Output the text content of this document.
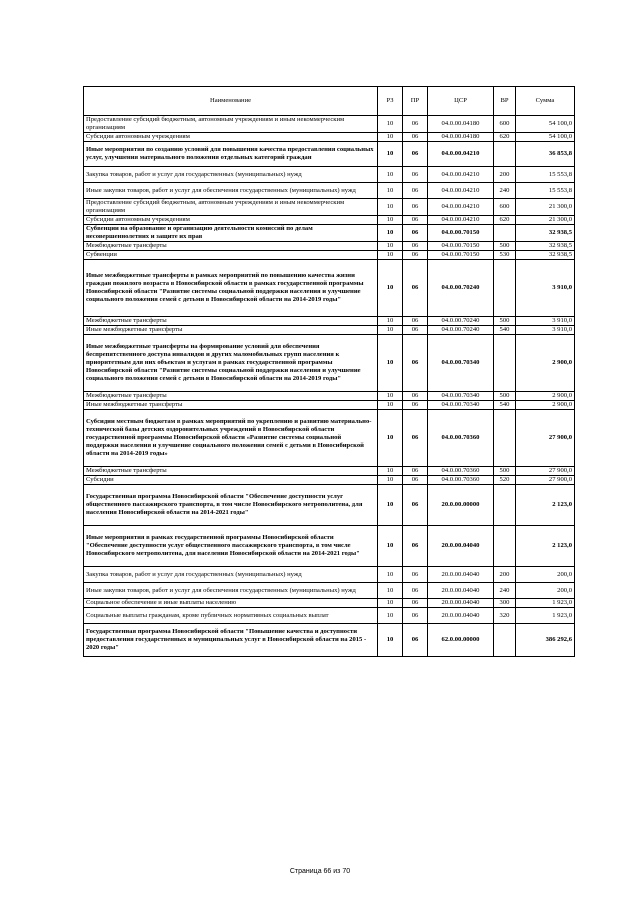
Наименование	РЗ	ПР	ЦСР	ВР	Сумма
Предоставление субсидий бюджетным, автономным учреждениям и иным некоммерческим организациям	10	06	04.0.00.04180	600	54 100,0
Субсидии автономным учреждениям	10	06	04.0.00.04180	620	54 100,0
Иные мероприятия по созданию условий для повышения качества предоставления социальных услуг, улучшения материального положения отдельных категорий граждан	10	06	04.0.00.04210		36 853,8
Закупка товаров, работ и услуг для государственных (муниципальных) нужд	10	06	04.0.00.04210	200	15 553,8
Иные закупки товаров, работ и услуг для обеспечения государственных (муниципальных) нужд	10	06	04.0.00.04210	240	15 553,8
Предоставление субсидий бюджетным, автономным учреждениям и иным некоммерческим организациям	10	06	04.0.00.04210	600	21 300,0
Субсидии автономным учреждениям	10	06	04.0.00.04210	620	21 300,0
Субвенции на образование и организацию деятельности комиссий по делам несовершеннолетних и защите их прав	10	06	04.0.00.70150		32 938,5
Межбюджетные трансферты	10	06	04.0.00.70150	500	32 938,5
Субвенции	10	06	04.0.00.70150	530	32 938,5
Иные межбюджетные трансферты в рамках мероприятий по повышению качества жизни граждан пожилого возраста в Новосибирской области в рамках государственной программы Новосибирской области "Развитие системы социальной поддержки населения и улучшение социального положения семей с детьми в Новосибирской области на 2014-2019 годы"	10	06	04.0.00.70240		3 910,0
Межбюджетные трансферты	10	06	04.0.00.70240	500	3 910,0
Иные межбюджетные трансферты	10	06	04.0.00.70240	540	3 910,0
Иные межбюджетные трансферты на формирование условий для обеспечения беспрепятственного доступа инвалидов и других маломобильных групп населения к приоритетным для них объектам и услугам в рамках государственной программы Новосибирской области "Развитие системы социальной поддержки населения и улучшение социального положения семей с детьми в Новосибирской области на 2014-2019 годы"	10	06	04.0.00.70340		2 900,0
Межбюджетные трансферты	10	06	04.0.00.70340	500	2 900,0
Иные межбюджетные трансферты	10	06	04.0.00.70340	540	2 900,0
Субсидии местным бюджетам в рамках мероприятий по укреплению и развитию материально-технической базы детских оздоровительных учреждений в Новосибирской области государственной программы Новосибирской области «Развитие системы социальной поддержки населения и улучшение социального положения семей с детьми в Новосибирской области на 2014-2019 годы»	10	06	04.0.00.70360		27 900,0
Межбюджетные трансферты	10	06	04.0.00.70360	500	27 900,0
Субсидии	10	06	04.0.00.70360	520	27 900,0
Государственная программа Новосибирской области "Обеспечение доступности услуг общественного пассажирского транспорта, в том числе Новосибирского метрополитена, для населения Новосибирской области на 2014-2021 годы"	10	06	20.0.00.00000		2 123,0
Иные мероприятия в рамках государственной программы Новосибирской области "Обеспечение доступности услуг общественного пассажирского транспорта, в том числе Новосибирского метрополитена, для населения Новосибирской области на 2014-2021 годы"	10	06	20.0.00.04040		2 123,0
Закупка товаров, работ и услуг для государственных (муниципальных) нужд	10	06	20.0.00.04040	200	200,0
Иные закупки товаров, работ и услуг для обеспечения государственных (муниципальных) нужд	10	06	20.0.00.04040	240	200,0
Социальное обеспечение и иные выплаты населению	10	06	20.0.00.04040	300	1 923,0
Социальные выплаты гражданам, кроме публичных нормативных социальных выплат	10	06	20.0.00.04040	320	1 923,0
Государственная программа Новосибирской области "Повышение качества и доступности предоставления государственных и муниципальных услуг в Новосибирской области на 2015 - 2020 годы"	10	06	62.0.00.00000		386 292,6
Страница 66 из 70
